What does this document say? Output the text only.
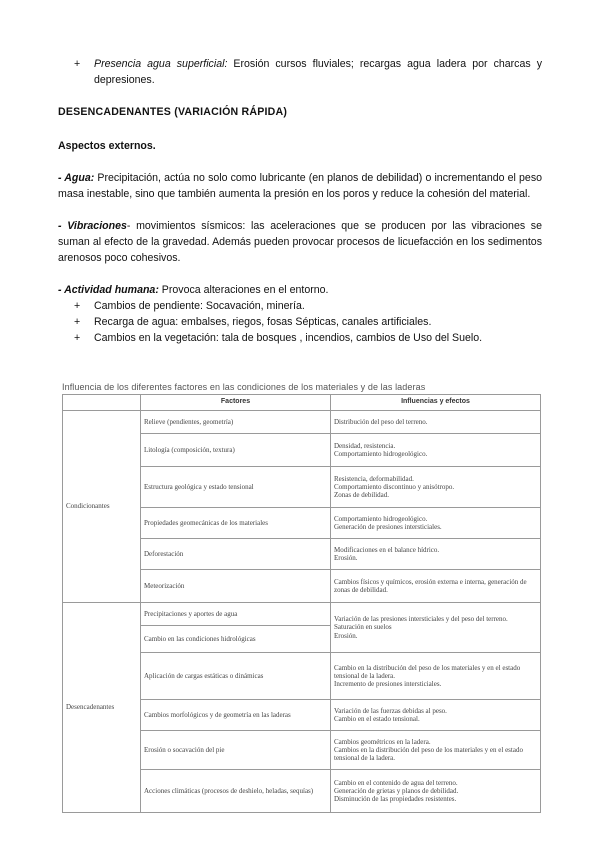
+ Presencia agua superficial: Erosión cursos fluviales; recargas agua ladera por charcas y depresiones.
DESENCADENANTES (VARIACIÓN RÁPIDA)
Aspectos externos.
- Agua: Precipitación, actúa no solo como lubricante (en planos de debilidad) o incrementando el peso masa inestable, sino que también aumenta la presión en los poros y reduce la cohesión del material.
- Vibraciones- movimientos sísmicos: las aceleraciones que se producen por las vibraciones se suman al efecto de la gravedad. Además pueden provocar procesos de licuefacción en los sedimentos arenosos poco cohesivos.
- Actividad humana: Provoca alteraciones en el entorno.
+ Cambios de pendiente: Socavación, minería.
+ Recarga de agua: embalses, riegos, fosas Sépticas, canales artificiales.
+ Cambios en la vegetación: tala de bosques , incendios, cambios de Uso del Suelo.
Influencia de los diferentes factores en las condiciones de los materiales y de las laderas
	Factores	Influencias y efectos
Condicionantes	Relieve (pendientes, geometría)	Distribución del peso del terreno.
	Litología (composición, textura)	Densidad, resistencia.
Comportamiento hidrogeológico.
	Estructura geológica y estado tensional	Resistencia, deformabilidad.
Comportamiento discontinuo y anisótropo.
Zonas de debilidad.
	Propiedades geomecánicas de los materiales	Comportamiento hidrogeológico.
Generación de presiones intersticiales.
	Deforestación	Modificaciones en el balance hídrico.
Erosión.
	Meteorización	Cambios físicos y químicos, erosión externa e interna, generación de zonas de debilidad.
Desencadenantes	Precipitaciones y aportes de agua	Variación de las presiones intersticiales y del peso del terreno.
Saturación en suelos
Erosión.
	Cambio en las condiciones hidrológicas	
	Aplicación de cargas estáticas o dinámicas	Cambio en la distribución del peso de los materiales y en el estado tensional de la ladera.
Incremento de presiones intersticiales.
	Cambios morfológicos y de geometría en las laderas	Variación de las fuerzas debidas al peso.
Cambio en el estado tensional.
	Erosión o socavación del pie	Cambios geométricos en la ladera.
Cambios en la distribución del peso de los materiales y en el estado tensional de la ladera.
	Acciones climáticas (procesos de deshielo, heladas, sequías)	Cambio en el contenido de agua del terreno.
Generación de grietas y planos de debilidad.
Disminución de las propiedades resistentes.
